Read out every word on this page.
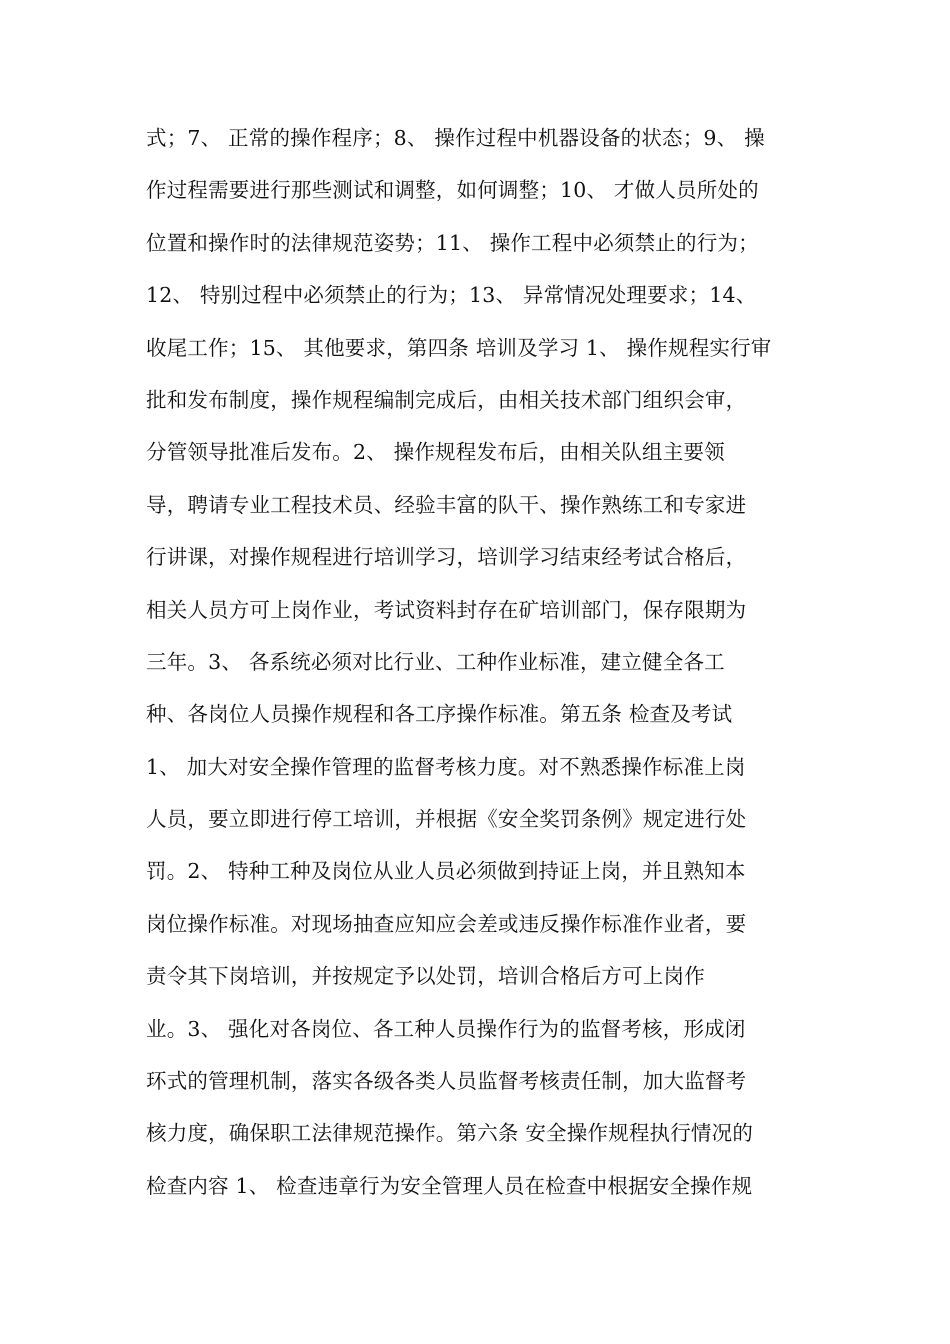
式；7、 正常的操作程序；8、 操作过程中机器设备的状态；9、 操
作过程需要进行那些测试和调整，如何调整；10、 才做人员所处的
位置和操作时的法律规范姿势；11、 操作工程中必须禁止的行为；
12、 特别过程中必须禁止的行为；13、 异常情况处理要求；14、
收尾工作；15、 其他要求，第四条 培训及学习 1、 操作规程实行审
批和发布制度，操作规程编制完成后，由相关技术部门组织会审，
分管领导批准后发布。2、 操作规程发布后，由相关队组主要领
导，聘请专业工程技术员、经验丰富的队干、操作熟练工和专家进
行讲课，对操作规程进行培训学习，培训学习结束经考试合格后，
相关人员方可上岗作业，考试资料封存在矿培训部门，保存限期为
三年。3、 各系统必须对比行业、工种作业标准，建立健全各工
种、各岗位人员操作规程和各工序操作标准。第五条 检查及考试
1、 加大对安全操作管理的监督考核力度。对不熟悉操作标准上岗
人员，要立即进行停工培训，并根据《安全奖罚条例》规定进行处
罚。2、 特种工种及岗位从业人员必须做到持证上岗，并且熟知本
岗位操作标准。对现场抽查应知应会差或违反操作标准作业者，要
责令其下岗培训，并按规定予以处罚，培训合格后方可上岗作
业。3、 强化对各岗位、各工种人员操作行为的监督考核，形成闭
环式的管理机制，落实各级各类人员监督考核责任制，加大监督考
核力度，确保职工法律规范操作。第六条 安全操作规程执行情况的
检查内容 1、 检查违章行为安全管理人员在检查中根据安全操作规
